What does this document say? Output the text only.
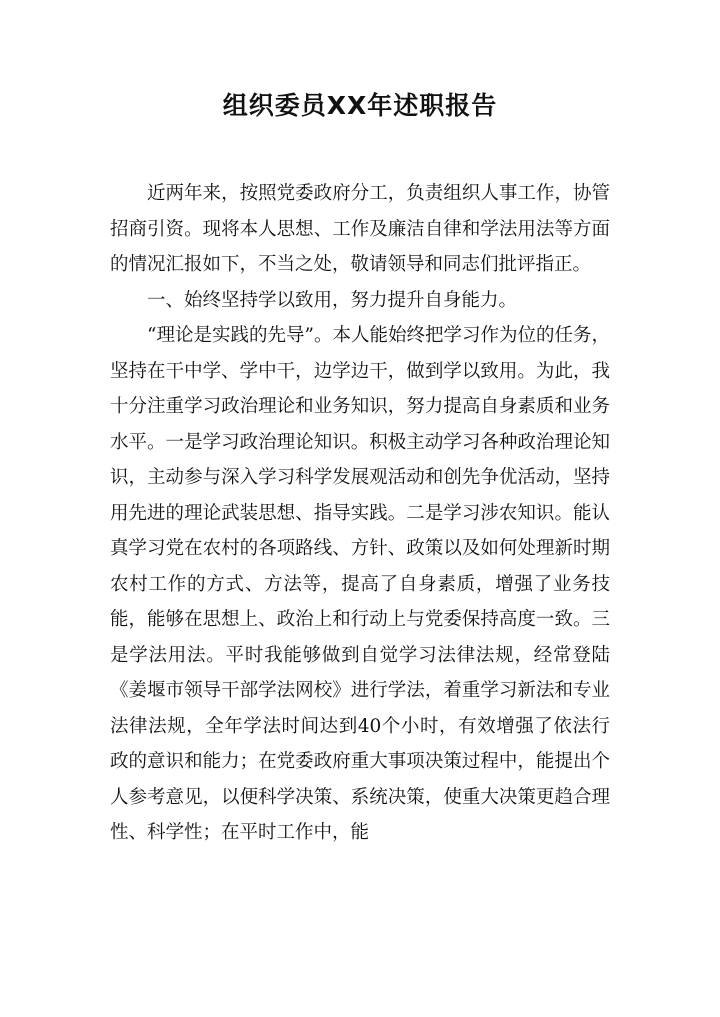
组织委员XX年述职报告

近两年来，按照党委政府分工，负责组织人事工作，协管招商引资。现将本人思想、工作及廉洁自律和学法用法等方面的情况汇报如下，不当之处，敬请领导和同志们批评指正。

一、始终坚持学以致用，努力提升自身能力。

“理论是实践的先导”。本人能始终把学习作为位的任务，坚持在干中学、学中干，边学边干，做到学以致用。为此，我十分注重学习政治理论和业务知识，努力提高自身素质和业务水平。一是学习政治理论知识。积极主动学习各种政治理论知识，主动参与深入学习科学发展观活动和创先争优活动，坚持用先进的理论武装思想、指导实践。二是学习涉农知识。能认真学习党在农村的各项路线、方针、政策以及如何处理新时期农村工作的方式、方法等，提高了自身素质，增强了业务技能，能够在思想上、政治上和行动上与党委保持高度一致。三是学法用法。平时我能够做到自觉学习法律法规，经常登陆《姜堰市领导干部学法网校》进行学法，着重学习新法和专业法律法规，全年学法时间达到40个小时，有效增强了依法行政的意识和能力；在党委政府重大事项决策过程中，能提出个人参考意见，以便科学决策、系统决策，使重大决策更趋合理性、科学性；在平时工作中，能
